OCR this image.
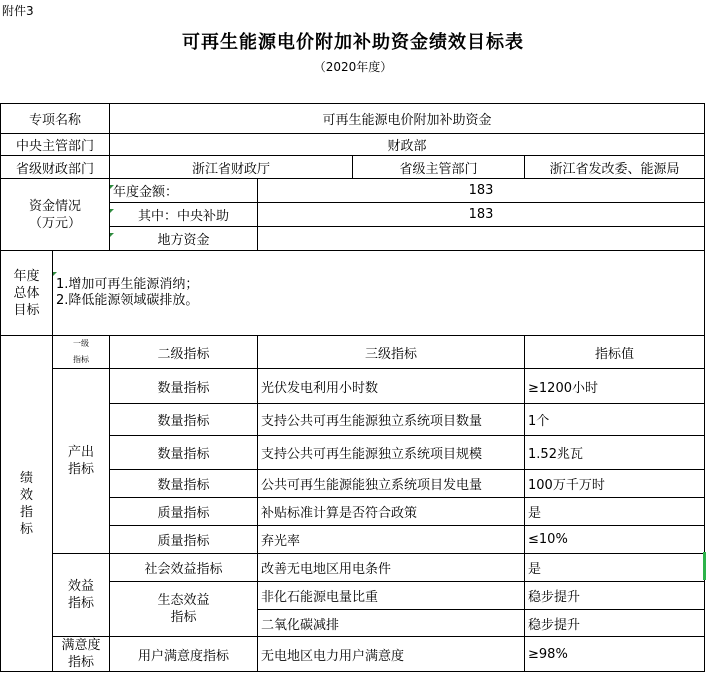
附件3
可再生能源电价附加补助资金绩效目标表
（2020年度）
专项名称		可再生能源电价附加补助资金			
中央主管部门		财政部			
省级财政部门		浙江省财政厅		省级主管部门	浙江省发改委、能源局
资金情况（万元）		年度金额：	183		
		其中：中央补助	183		
		地方资金			
年度总体目标	1.增加可再生能源消纳；
2.降低能源领域碳排放。				

绩效指标	一级指标	二级指标	三级指标		指标值
	产出指标	数量指标	光伏发电利用小时数		≥1200小时
		数量指标	支持公共可再生能源独立系统项目数量		1个
		数量指标	支持公共可再生能源独立系统项目规模		1.52兆瓦
		数量指标	公共可再生能源能独立系统项目发电量		100万千万时
		质量指标	补贴标准计算是否符合政策		是
		质量指标	弃光率		≤10%
	效益指标	社会效益指标	改善无电地区用电条件		是
		生态效益指标	非化石能源电量比重		稳步提升
			二氧化碳减排		稳步提升
	满意度指标	用户满意度指标	无电地区电力用户满意度		≥98%
